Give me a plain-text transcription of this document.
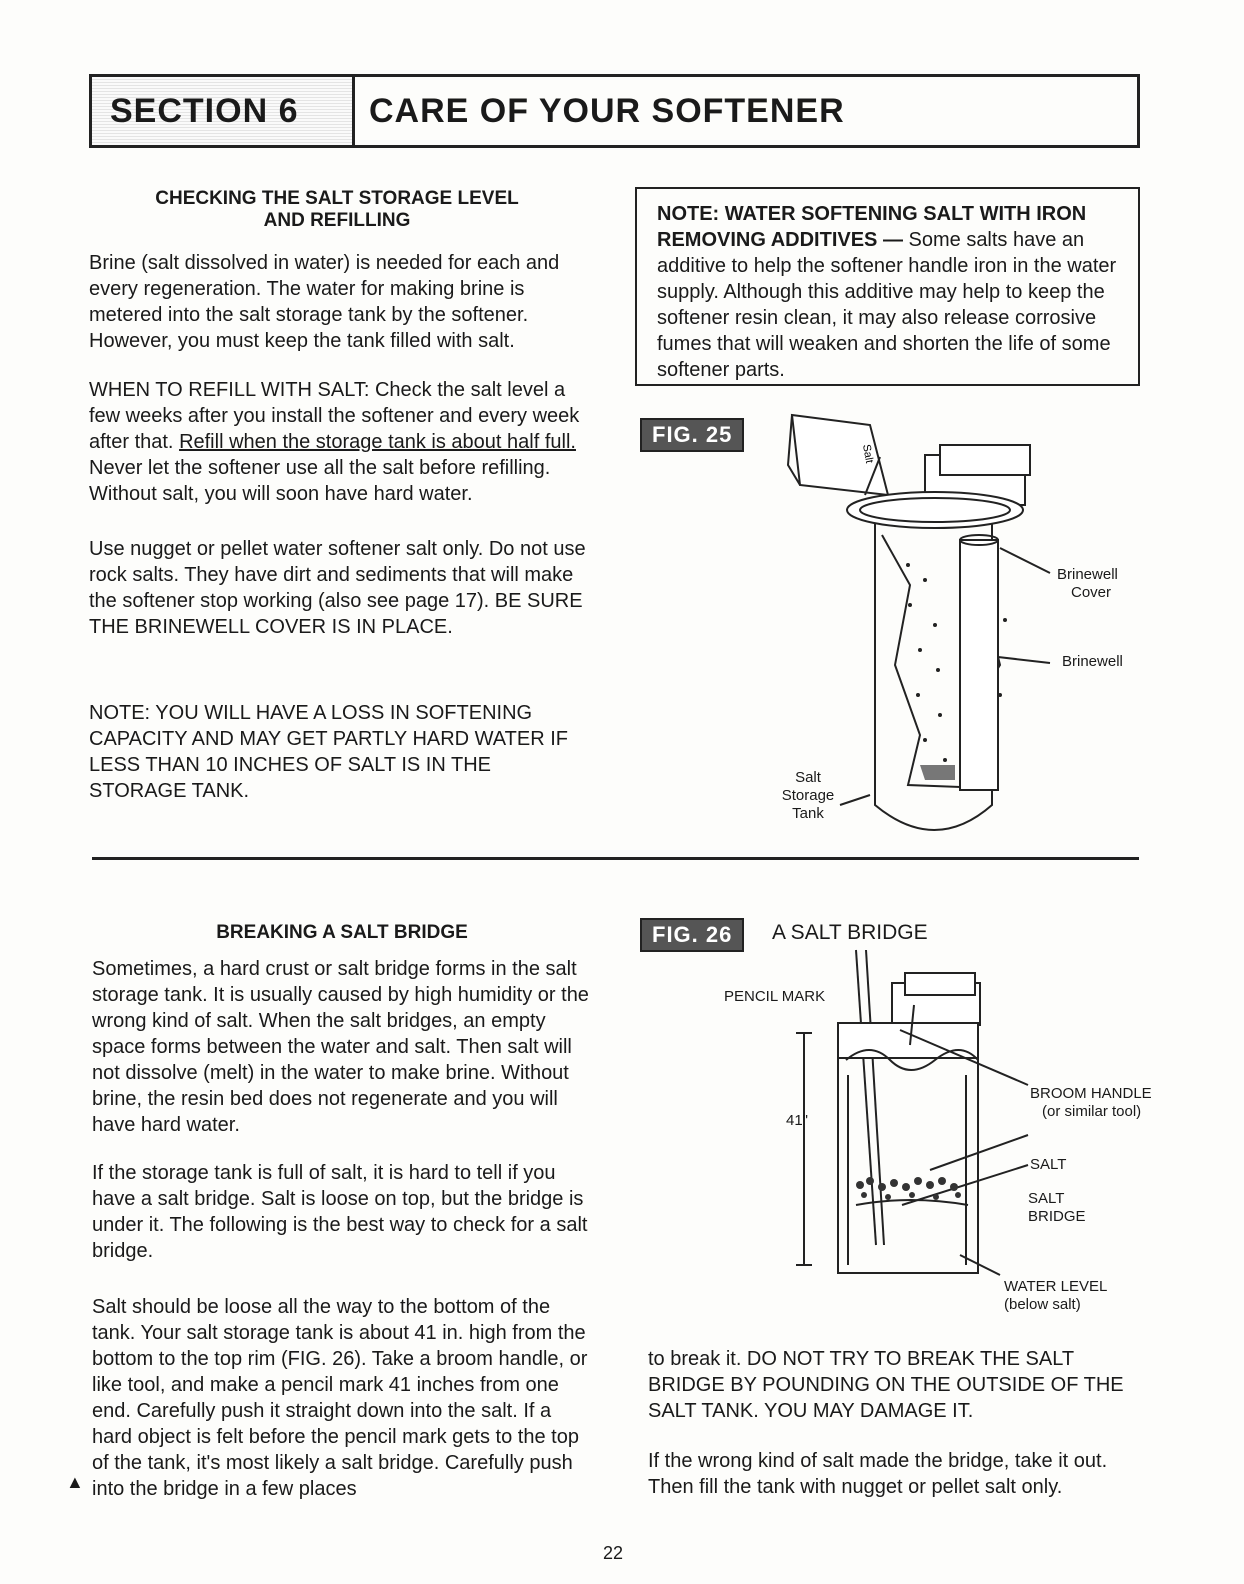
SECTION 6	CARE OF YOUR SOFTENER
CHECKING THE SALT STORAGE LEVEL
AND REFILLING
Brine (salt dissolved in water) is needed for each and every regeneration. The water for making brine is metered into the salt storage tank by the softener. However, you must keep the tank filled with salt.
WHEN TO REFILL WITH SALT: Check the salt level a few weeks after you install the softener and every week after that. Refill when the storage tank is about half full. Never let the softener use all the salt before refilling. Without salt, you will soon have hard water.
Use nugget or pellet water softener salt only. Do not use rock salts. They have dirt and sediments that will make the softener stop working (also see page 17). BE SURE THE BRINEWELL COVER IS IN PLACE.
NOTE: YOU WILL HAVE A LOSS IN SOFTENING CAPACITY AND MAY GET PARTLY HARD WATER IF LESS THAN 10 INCHES OF SALT IS IN THE STORAGE TANK.
NOTE: WATER SOFTENING SALT WITH IRON REMOVING ADDITIVES — Some salts have an additive to help the softener handle iron in the water supply. Although this additive may help to keep the softener resin clean, it may also release corrosive fumes that will weaken and shorten the life of some softener parts.
FIG. 25
Salt
Brinewell
Cover
Brinewell
Salt
Storage
Tank
BREAKING A SALT BRIDGE
Sometimes, a hard crust or salt bridge forms in the salt storage tank. It is usually caused by high humidity or the wrong kind of salt. When the salt bridges, an empty space forms between the water and salt. Then salt will not dissolve (melt) in the water to make brine. Without brine, the resin bed does not regenerate and you will have hard water.
If the storage tank is full of salt, it is hard to tell if you have a salt bridge. Salt is loose on top, but the bridge is under it. The following is the best way to check for a salt bridge.
Salt should be loose all the way to the bottom of the tank. Your salt storage tank is about 41 in. high from the bottom to the top rim (FIG. 26). Take a broom handle, or like tool, and make a pencil mark 41 inches from one end. Carefully push it straight down into the salt. If a hard object is felt before the pencil mark gets to the top of the tank, it's most likely a salt bridge. Carefully push into the bridge in a few places
▲
FIG. 26	A SALT BRIDGE
PENCIL MARK
41"
BROOM HANDLE
(or similar tool)
SALT
SALT
BRIDGE
WATER LEVEL
(below salt)
to break it. DO NOT TRY TO BREAK THE SALT BRIDGE BY POUNDING ON THE OUTSIDE OF THE SALT TANK. YOU MAY DAMAGE IT.
If the wrong kind of salt made the bridge, take it out. Then fill the tank with nugget or pellet salt only.
22
